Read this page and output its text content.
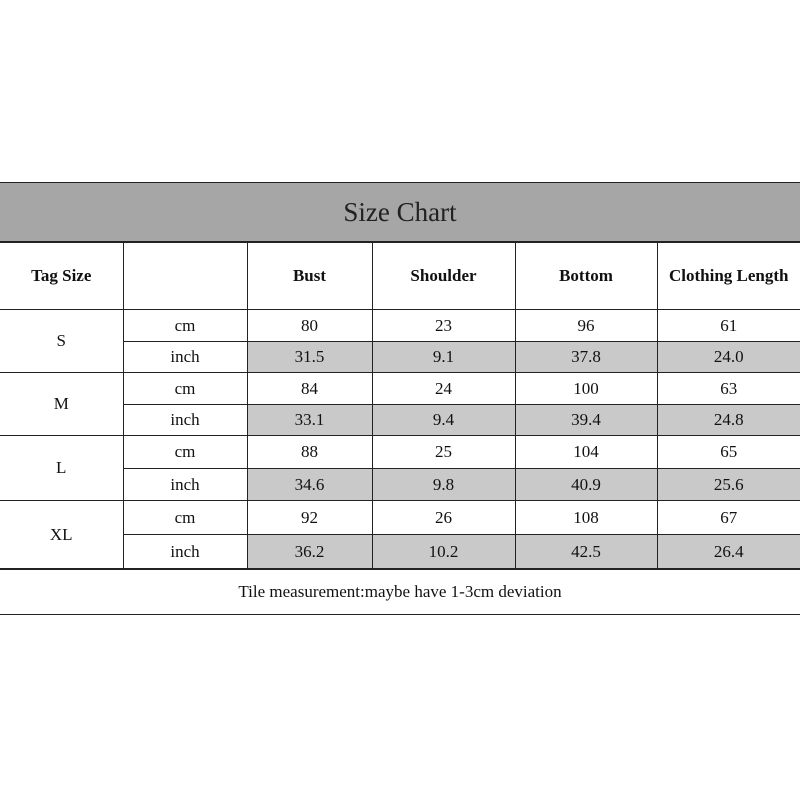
Size Chart
Tag Size		Bust	Shoulder	Bottom	Clothing Length
S	cm	80	23	96	61
	inch	31.5	9.1	37.8	24.0
M	cm	84	24	100	63
	inch	33.1	9.4	39.4	24.8
L	cm	88	25	104	65
	inch	34.6	9.8	40.9	25.6
XL	cm	92	26	108	67
	inch	36.2	10.2	42.5	26.4
Tile measurement:maybe have 1-3cm deviation
